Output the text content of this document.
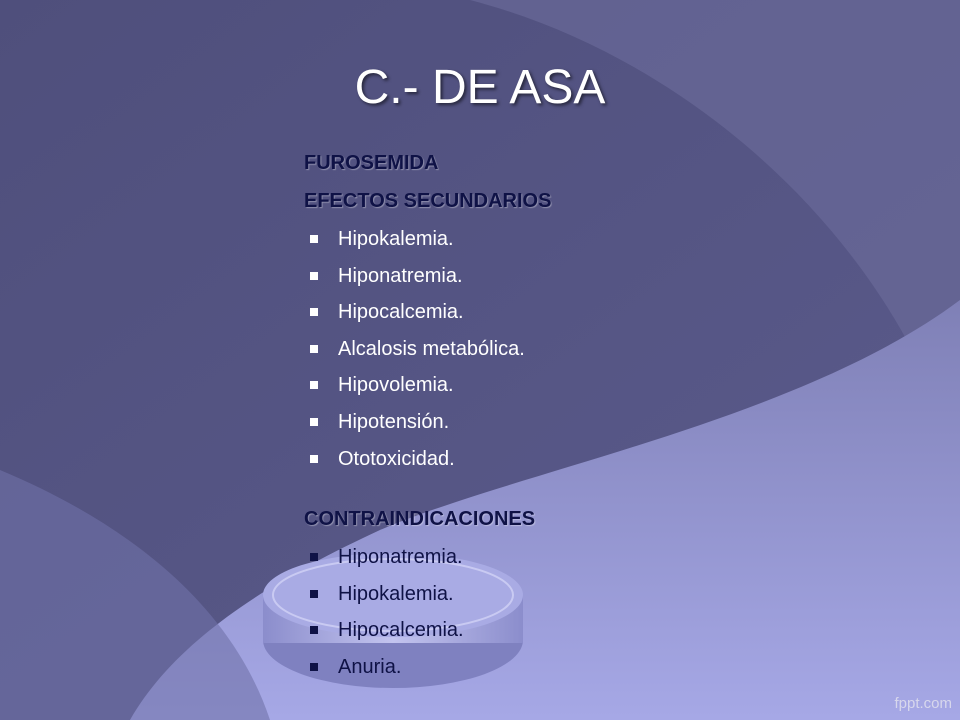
C.- DE ASA
FUROSEMIDA
EFECTOS SECUNDARIOS
Hipokalemia.
Hiponatremia.
Hipocalcemia.
Alcalosis metabólica.
Hipovolemia.
Hipotensión.
Ototoxicidad.
CONTRAINDICACIONES
Hiponatremia.
Hipokalemia.
Hipocalcemia.
Anuria.
fppt.com
